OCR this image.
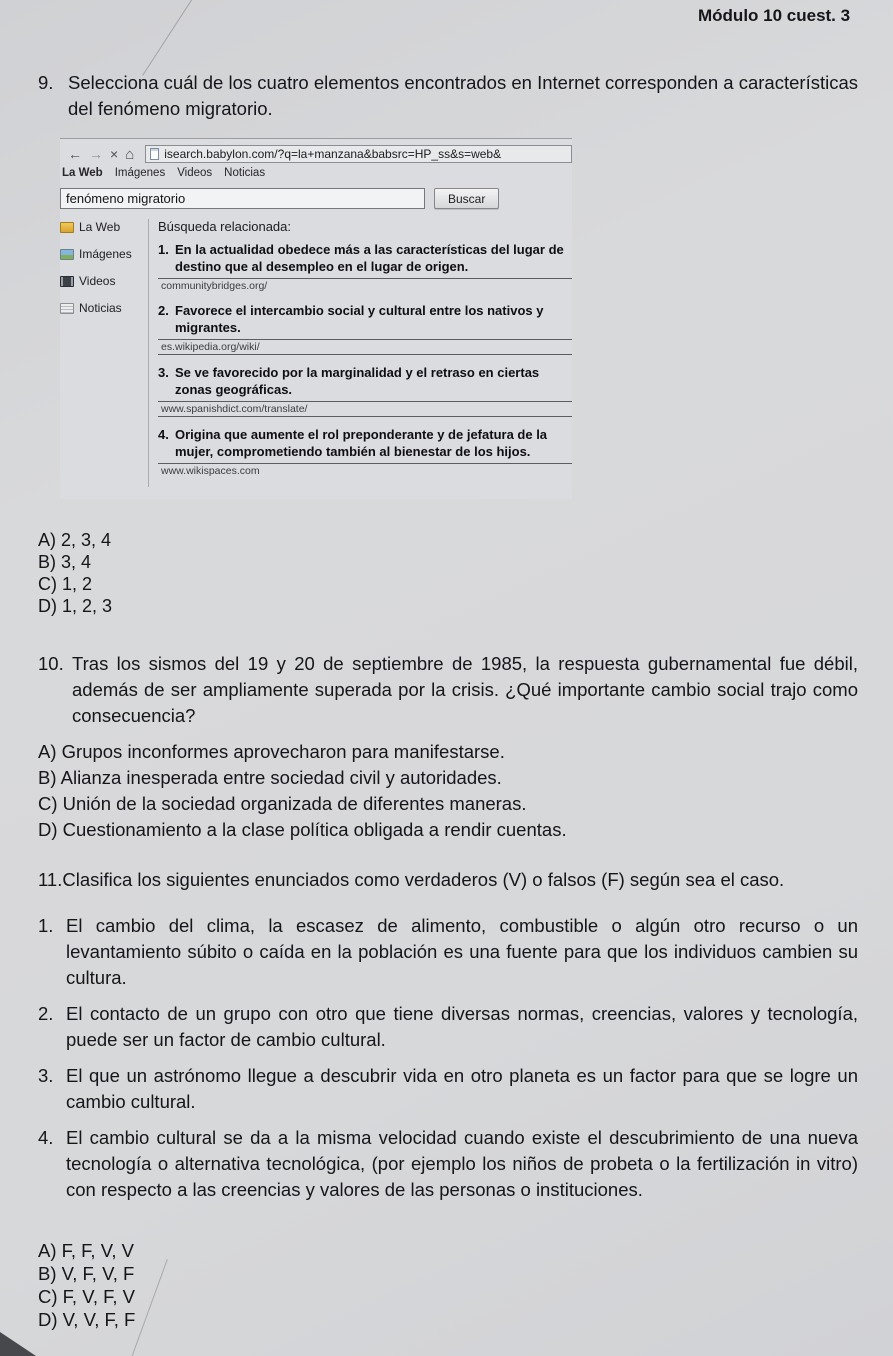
Módulo 10 cuest. 3
9. Selecciona cuál de los cuatro elementos encontrados en Internet corresponden a características del fenómeno migratorio.
← → × ⌂	isearch.babylon.com/?q=la+manzana&babsrc=HP_ss&s=web&
La Web Imágenes Videos Noticias
fenómeno migratorio
Buscar
La Web
Imágenes
Videos
Noticias
Búsqueda relacionada:
1. En la actualidad obedece más a las características del lugar de destino que al desempleo en el lugar de origen.
communitybridges.org/
2. Favorece el intercambio social y cultural entre los nativos y migrantes.
es.wikipedia.org/wiki/
3. Se ve favorecido por la marginalidad y el retraso en ciertas zonas geográficas.
www.spanishdict.com/translate/
4. Origina que aumente el rol preponderante y de jefatura de la mujer, comprometiendo también al bienestar de los hijos.
www.wikispaces.com
A) 2, 3, 4
B) 3, 4
C) 1, 2
D) 1, 2, 3
10. Tras los sismos del 19 y 20 de septiembre de 1985, la respuesta gubernamental fue débil, además de ser ampliamente superada por la crisis. ¿Qué importante cambio social trajo como consecuencia?
A) Grupos inconformes aprovecharon para manifestarse.
B) Alianza inesperada entre sociedad civil y autoridades.
C) Unión de la sociedad organizada de diferentes maneras.
D) Cuestionamiento a la clase política obligada a rendir cuentas.
11.Clasifica los siguientes enunciados como verdaderos (V) o falsos (F) según sea el caso.
1. El cambio del clima, la escasez de alimento, combustible o algún otro recurso o un levantamiento súbito o caída en la población es una fuente para que los individuos cambien su cultura.
2. El contacto de un grupo con otro que tiene diversas normas, creencias, valores y tecnología, puede ser un factor de cambio cultural.
3. El que un astrónomo llegue a descubrir vida en otro planeta es un factor para que se logre un cambio cultural.
4. El cambio cultural se da a la misma velocidad cuando existe el descubrimiento de una nueva tecnología o alternativa tecnológica, (por ejemplo los niños de probeta o la fertilización in vitro) con respecto a las creencias y valores de las personas o instituciones.
A) F, F, V, V
B) V, F, V, F
C) F, V, F, V
D) V, V, F, F
